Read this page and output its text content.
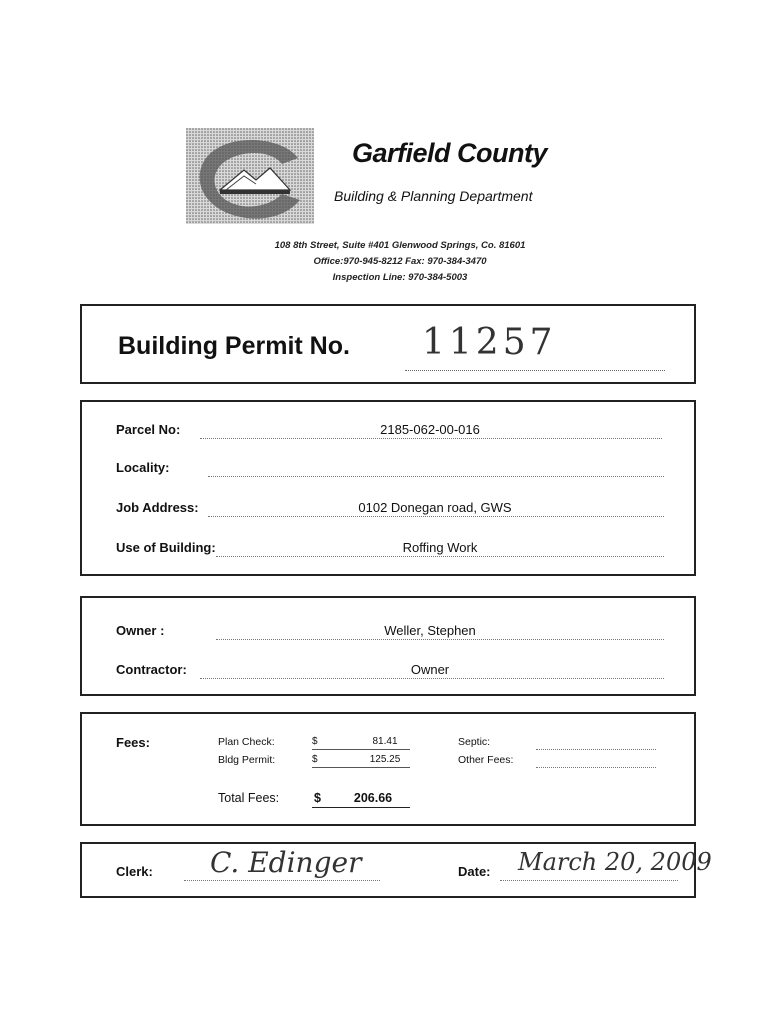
Garfield County
Building & Planning Department
108 8th Street, Suite #401 Glenwood Springs, Co. 81601
Office:970-945-8212 Fax: 970-384-3470
Inspection Line: 970-384-5003
Building Permit No. 11257
Parcel No:	2185-062-00-016
Locality:
Job Address:	0102 Donegan road, GWS
Use of Building:	Roffing Work
Owner :	Weller, Stephen
Contractor:	Owner
Fees:	Plan Check:	$	81.41
Bldg Permit:	$	125.25
Septic:
Other Fees:
Total Fees:	$	206.66
Clerk: C. Edinger	Date: March 20, 2009
